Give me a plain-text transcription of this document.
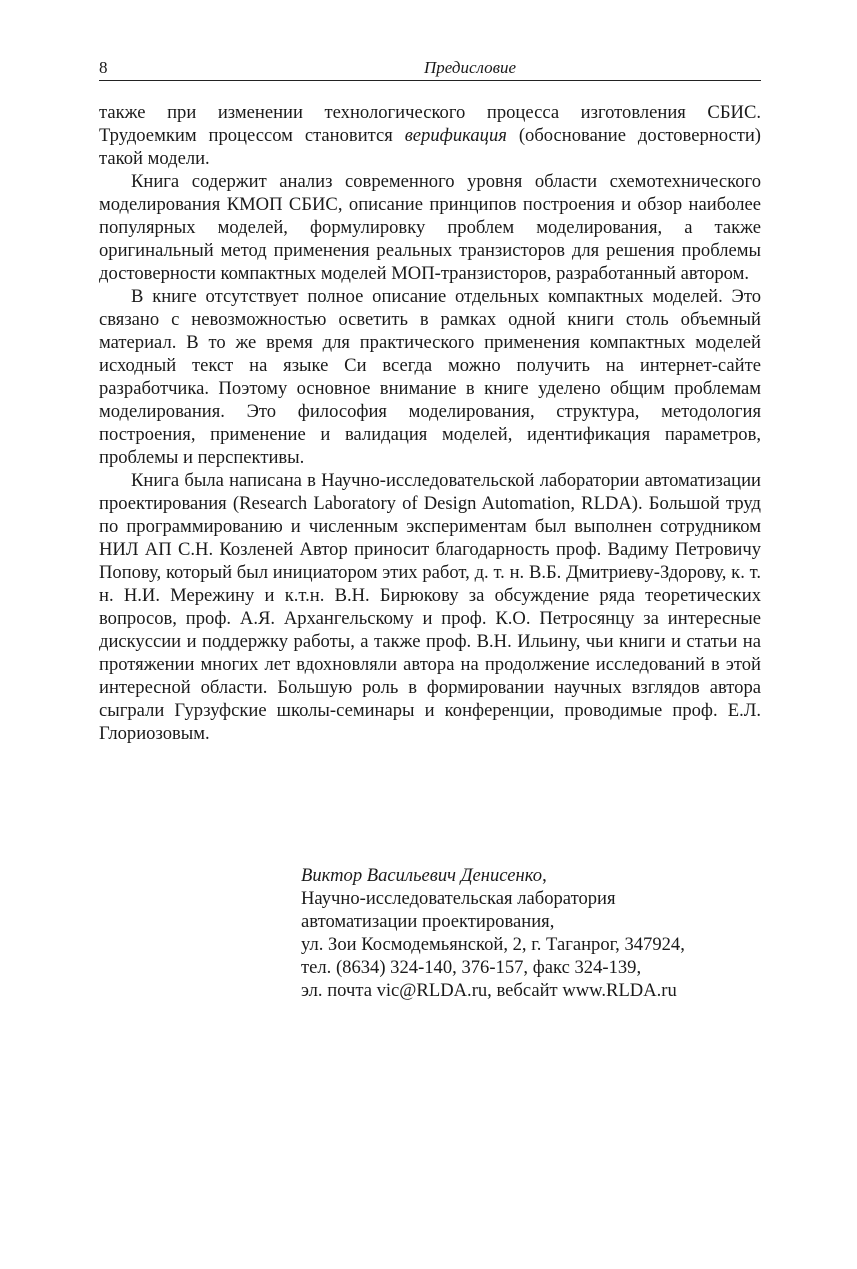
8	Предисловие

также при изменении технологического процесса изготовления СБИС. Трудоемким процессом становится верификация (обоснование достоверности) такой модели.

Книга содержит анализ современного уровня области схемотехнического моделирования КМОП СБИС, описание принципов построения и обзор наиболее популярных моделей, формулировку проблем моделирования, а также оригинальный метод применения реальных транзисторов для решения проблемы достоверности компактных моделей МОП-транзисторов, разработанный автором.

В книге отсутствует полное описание отдельных компактных моделей. Это связано с невозможностью осветить в рамках одной книги столь объемный материал. В то же время для практического применения компактных моделей исходный текст на языке Си всегда можно получить на интернет-сайте разработчика. Поэтому основное внимание в книге уделено общим проблемам моделирования. Это философия моделирования, структура, методология построения, применение и валидация моделей, идентификация параметров, проблемы и перспективы.

Книга была написана в Научно-исследовательской лаборатории автоматизации проектирования (Research Laboratory of Design Automation, RLDA). Большой труд по программированию и численным экспериментам был выполнен сотрудником НИЛ АП С.Н. Козленей Автор приносит благодарность проф. Вадиму Петровичу Попову, который был инициатором этих работ, д. т. н. В.Б. Дмитриеву-Здорову, к. т. н. Н.И. Мережину и к.т.н. В.Н. Бирюкову за обсуждение ряда теоретических вопросов, проф. А.Я. Архангельскому и проф. К.О. Петросянцу за интересные дискуссии и поддержку работы, а также проф. В.Н. Ильину, чьи книги и статьи на протяжении многих лет вдохновляли автора на продолжение исследований в этой интересной области. Большую роль в формировании научных взглядов автора сыграли Гурзуфские школы-семинары и конференции, проводимые проф. Е.Л. Глориозовым.

Виктор Васильевич Денисенко,
Научно-исследовательская лаборатория
автоматизации проектирования,
ул. Зои Космодемьянской, 2, г. Таганрог, 347924,
тел. (8634) 324-140, 376-157, факс 324-139,
эл. почта vic@RLDA.ru, вебсайт www.RLDA.ru
